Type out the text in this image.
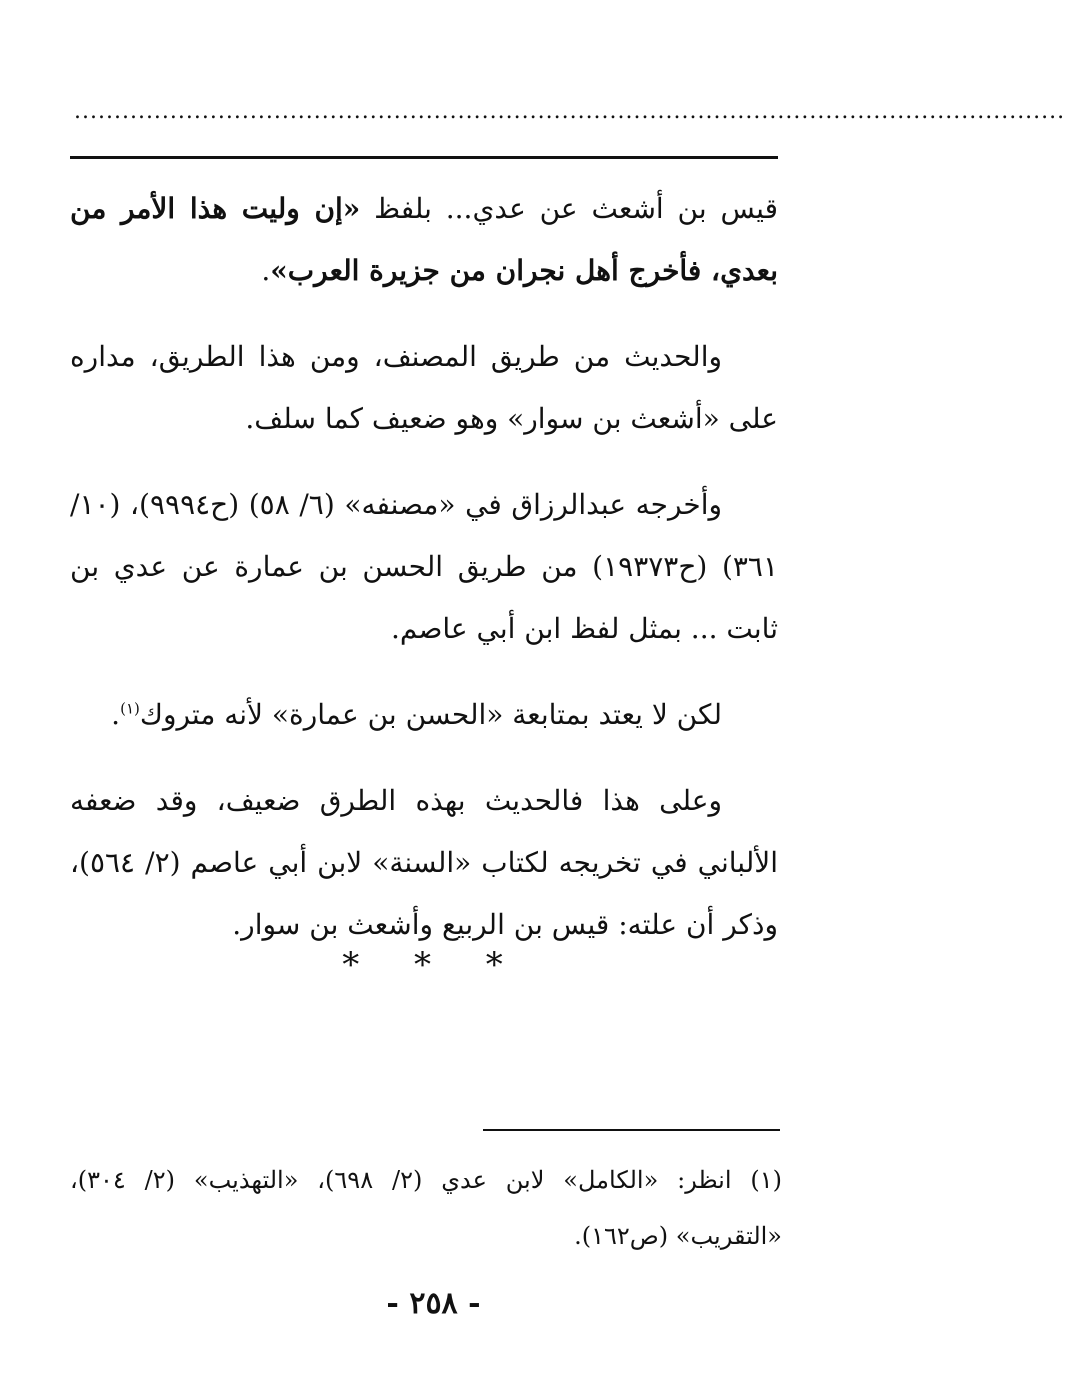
............................................................................................................................

قيس بن أشعث عن عدي... بلفظ «إن وليت هذا الأمر من بعدي، فأخرج أهل نجران من جزيرة العرب».

والحديث من طريق المصنف، ومن هذا الطريق، مداره على «أشعث بن سوار» وهو ضعيف كما سلف.

وأخرجه عبدالرزاق في «مصنفه» (٦/ ٥٨) (ح٩٩٩٤)، (١٠/ ٣٦١) (ح١٩٣٧٣) من طريق الحسن بن عمارة عن عدي بن ثابت ... بمثل لفظ ابن أبي عاصم.

لكن لا يعتد بمتابعة «الحسن بن عمارة» لأنه متروك$^{(١)}$.

وعلى هذا فالحديث بهذه الطرق ضعيف، وقد ضعفه الألباني في تخريجه لكتاب «السنة» لابن أبي عاصم (٢/ ٥٦٤)، وذكر أن علته: قيس بن الربيع وأشعث بن سوار.

* * *
(١) انظر: «الكامل» لابن عدي (٢/ ٦٩٨)، «التهذيب» (٢/ ٣٠٤)، «التقريب» (ص١٦٢).
- ٢٥٨ -
